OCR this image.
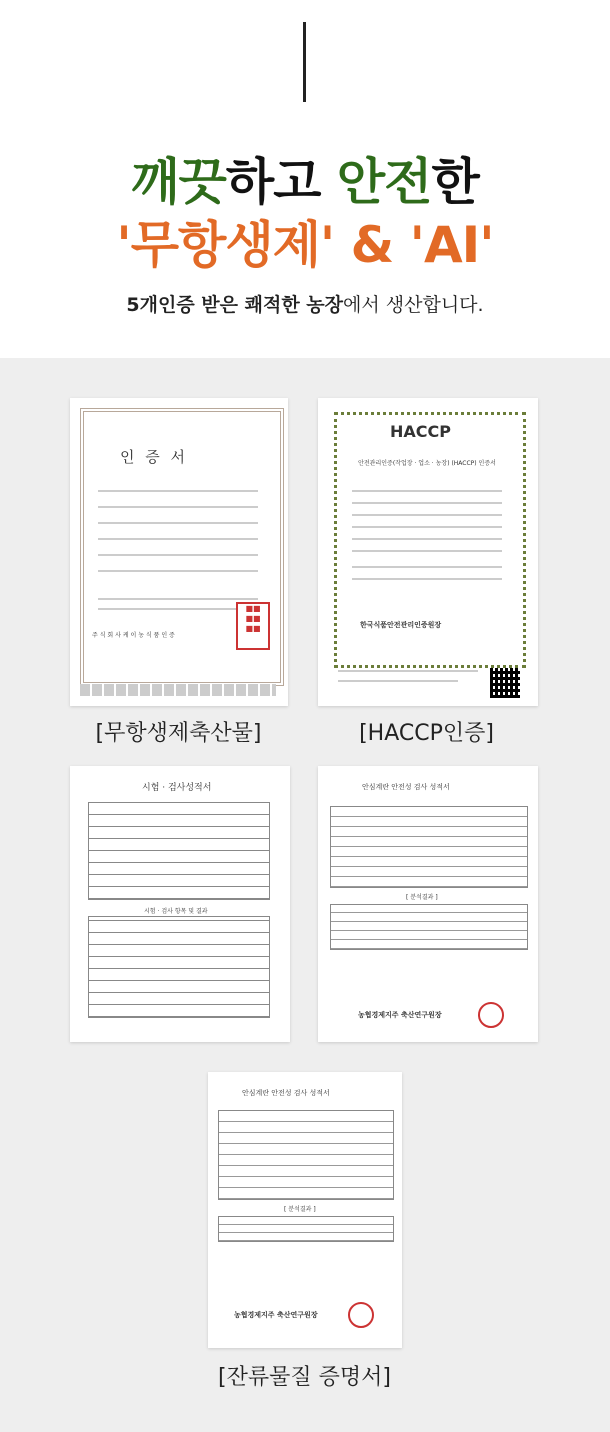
깨끗하고 안전한
'무항생제' & 'AI'
5개인증 받은 쾌적한 농장에서 생산합니다.
인 증 서
주 식 회 사 케 이 농 식 품 인 증
■■
■■
■■
[무항생제축산물]
HACCP
안전관리인증(작업장 · 업소 · 농장) (HACCP) 인증서
한국식품안전관리인증원장
[HACCP인증]
시험 · 검사성적서
시험 · 검사 항목 및 결과
안심계란 안전성 검사 성적서
[ 분석결과 ]
농협경제지주 축산연구원장
안심계란 안전성 검사 성적서
[ 분석결과 ]
농협경제지주 축산연구원장
[잔류물질 증명서]
